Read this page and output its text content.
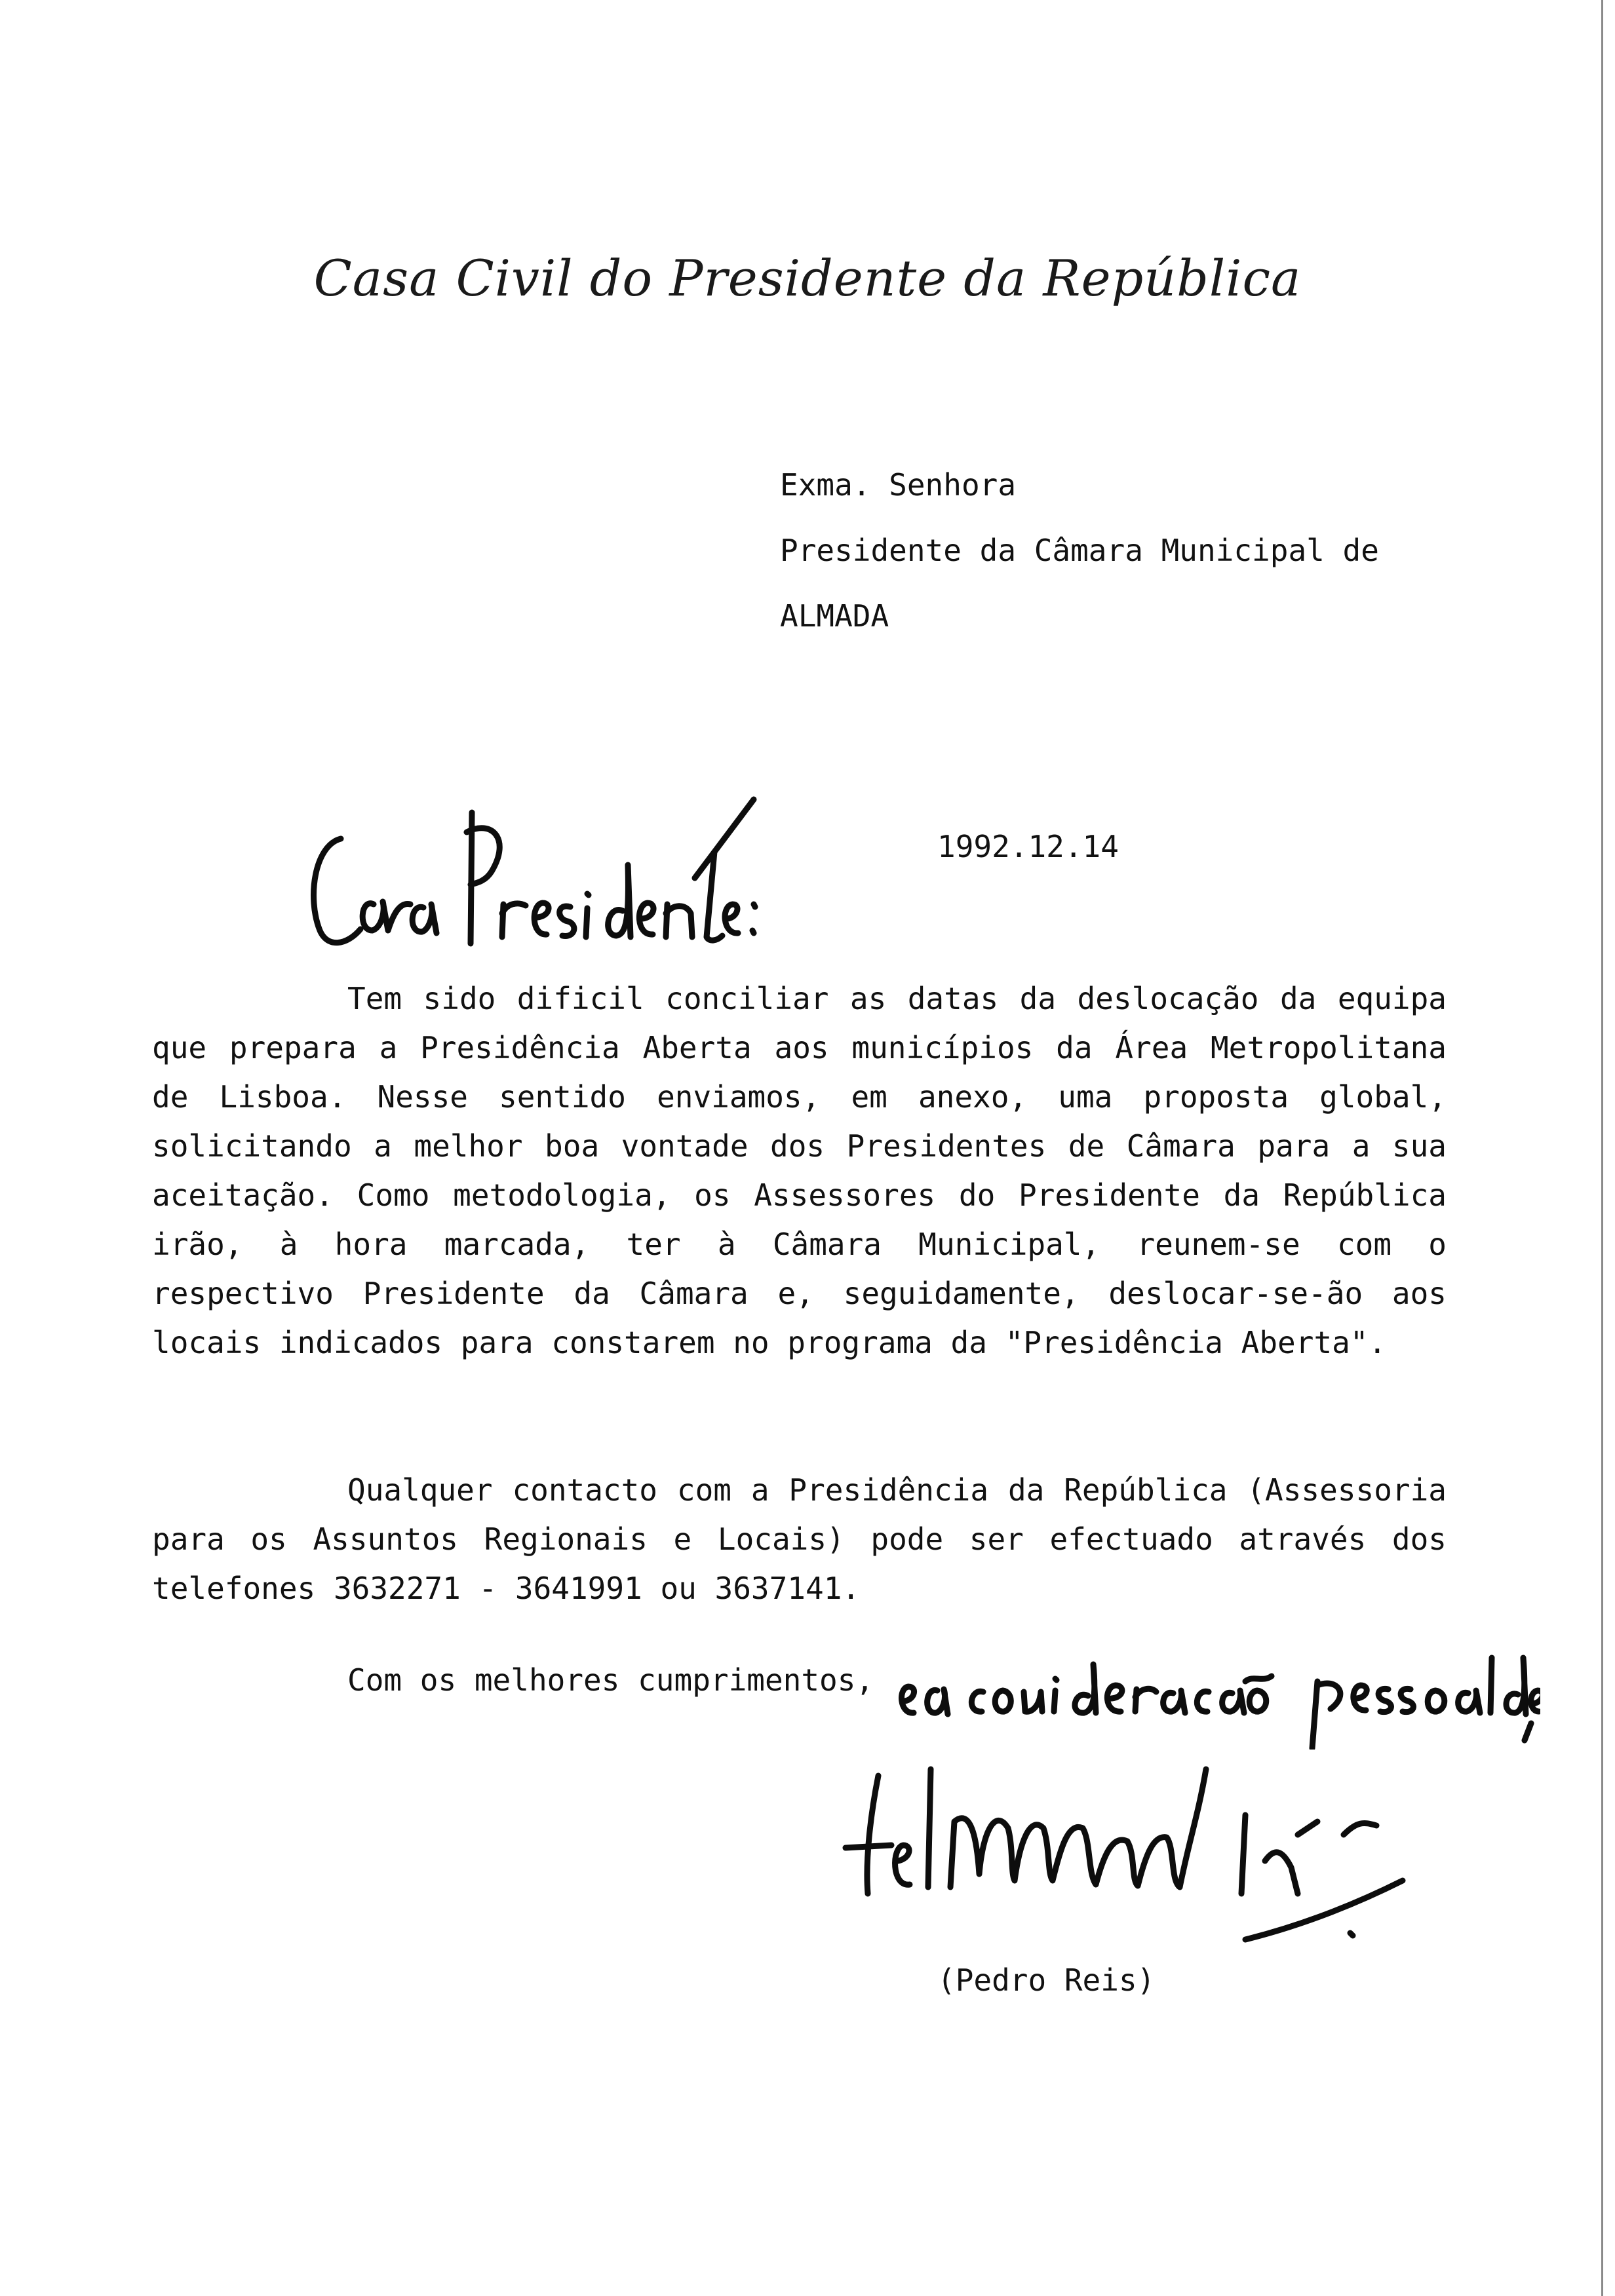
Casa Civil do Presidente da República
Exma. Senhora
Presidente da Câmara Municipal de
ALMADA
1992.12.14

Tem sido dificil conciliar as datas da deslocação da equipa que prepara a Presidência Aberta aos municípios da Área Metropolitana de Lisboa. Nesse sentido enviamos, em anexo, uma proposta global, solicitando a melhor boa vontade dos Presidentes de Câmara para a sua aceitação. Como metodologia, os Assessores do Presidente da República irão, à hora marcada, ter à Câmara Municipal, reunem-se com o respectivo Presidente da Câmara e, seguidamente, deslocar-se-ão aos locais indicados para constarem no programa da "Presidência Aberta".

Qualquer contacto com a Presidência da República (Assessoria para os Assuntos Regionais e Locais) pode ser efectuado através dos telefones 3632271 - 3641991 ou 3637141.

Com os melhores cumprimentos,
(Pedro Reis)
